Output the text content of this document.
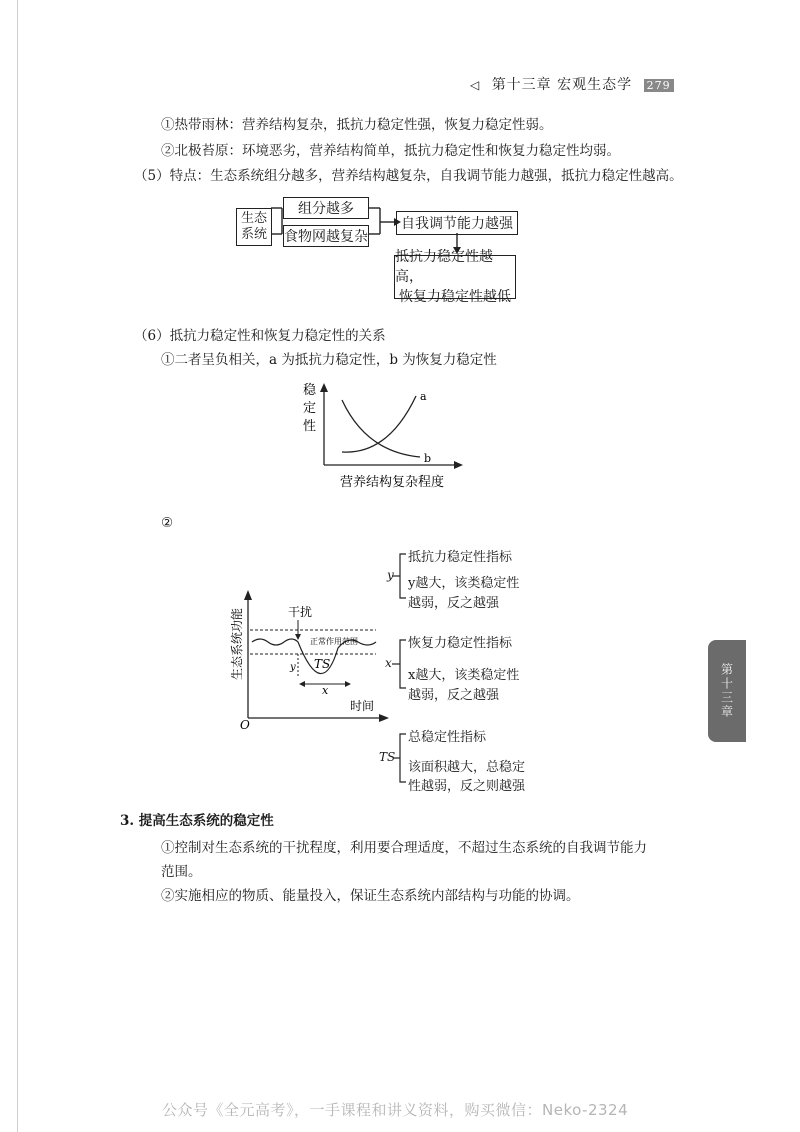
◁ 第十三章 宏观生态学 279
①热带雨林：营养结构复杂，抵抗力稳定性强，恢复力稳定性弱。
②北极苔原：环境恶劣，营养结构简单，抵抗力稳定性和恢复力稳定性均弱。
（5）特点：生态系统组分越多，营养结构越复杂，自我调节能力越强，抵抗力稳定性越高。
生态
系统
组分越多
食物网越复杂
自我调节能力越强
抵抗力稳定性越高，
恢复力稳定性越低
（6）抵抗力稳定性和恢复力稳定性的关系
①二者呈负相关，a 为抵抗力稳定性，b 为恢复力稳定性
a
b
稳
定
性
营养结构复杂程度
②
干扰
正常作用范围
TS
y
x
时间
O
生态系统功能
y
抵抗力稳定性指标
y越大，该类稳定性
越弱，反之越强
x
恢复力稳定性指标
x越大，该类稳定性
越弱，反之越强
TS
总稳定性指标
该面积越大，总稳定
性越弱，反之则越强
第十三章
3. 提高生态系统的稳定性
①控制对生态系统的干扰程度，利用要合理适度，不超过生态系统的自我调节能力
范围。
②实施相应的物质、能量投入，保证生态系统内部结构与功能的协调。
公众号《全元高考》，一手课程和讲义资料，购买微信：Neko-2324
